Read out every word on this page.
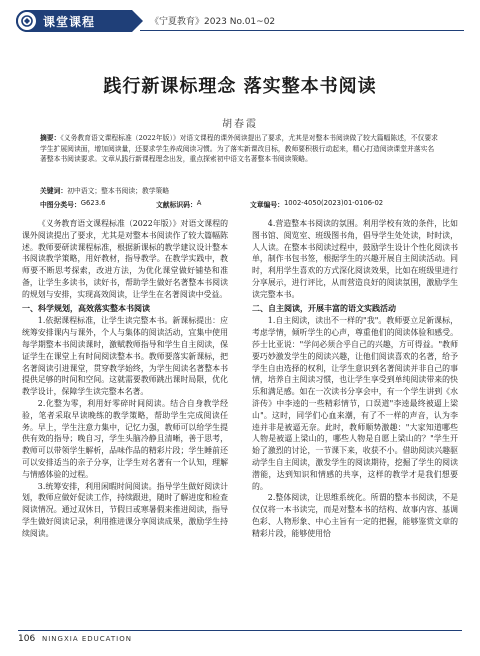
课堂课程	《宁夏教育》2023 No.01~02
践行新课标理念 落实整本书阅读
胡春霞
摘要：《义务教育语文课程标准（2022年版）》对语文课程的课外阅读提出了要求，尤其是对整本书阅读做了较大篇幅陈述，不仅要求学生扩展阅读面，增加阅读量，还要求学生养成阅读习惯。为了落实新课改目标，教师要积极行动起来，精心打造阅读课堂并落实名著整本书阅读要求。文章从践行新课程理念出发，重点探索初中语文名著整本书阅读策略。
关键词：初中语文；整本书阅读；教学策略
中图分类号： G623.6	文献标识码： A	文章编号： 1002-4050(2023)01-0106-02

《义务教育语文课程标准（2022年版）》对语文课程的课外阅读提出了要求，尤其是对整本书阅读作了较大篇幅陈述。教师要研读课程标准，根据新课标的教学建议设计整本书阅读教学策略，用好教材，指导教学。在教学实践中，教师要不断思考探索，改进方法，为优化课堂做好铺垫和准备，让学生多读书，读好书，帮助学生做好名著整本书阅读的规划与安排，实现高效阅读，让学生在名著阅读中受益。

一、科学规划，高效落实整本书阅读

1.依据课程标准，让学生读完整本书。新课标提出：应统筹安排课内与课外，个人与集体的阅读活动，宜集中使用每学期整本书阅读课时，激赋教师指导和学生自主阅读，保证学生在课堂上有时间阅读整本书。教师要落实新课标，把名著阅读引进课堂，贯穿教学始终，为学生阅读名著整本书提供足够的时间和空间。这就需要教师跳出课时局限，优化教学设计，保障学生读完整本名著。

2.化整为零，利用好零碎时间阅读。结合自身教学经验，笔者采取早读晚练的教学策略，帮助学生完成阅读任务。早上，学生注意力集中，记忆力强，教师可以给学生提供有效的指导；晚自习，学生头脑冷静且清晰，善于思考，教师可以带领学生解析，品味作品的精彩片段；学生睡前还可以安排适当的亲子分享，让学生对名著有一个认知，理解与情感体验的过程。

3.统筹安排，利用闲暇时间阅读。指导学生做好阅读计划，教师应做好促读工作，持续跟进，随时了解进度和检查阅读情况。通过双休日，节假日或寒暑假来推进阅读，指导学生做好阅读记录，利用推进课分享阅读成果，激励学生持续阅读。

4.营造整本书阅读的氛围。利用学校有效的条件，比如图书馆、阅览室、班级图书角，倡导学生处处读，时时读，人人读。在整本书阅读过程中，鼓励学生设计个性化阅读书单，制作书包书签，根据学生的兴趣开展自主阅读活动。同时，利用学生喜欢的方式深化阅读效果，比如在班级里进行分享展示，进行评比，从而营造良好的阅读氛围，激励学生读完整本书。

二、自主阅读，开展丰富的语文实践活动

1.自主阅读，读出不一样的"我"。教师要立足新课标，考虑学情，倾听学生的心声，尊重他们的阅读体验和感受。莎士比亚说："学问必须合乎自己的兴趣，方可得益。"教师要巧妙激发学生的阅读兴趣，让他们阅读喜欢的名著，给予学生自由选择的权利，让学生意识到名著阅读并非自己的事情，培养自主阅读习惯，也让学生享受到单纯阅读带来的快乐和满足感。如在一次读书分享会中，有一个学生讲到《水浒传》中李逵的一些精彩情节，口误道"李逵最终被逼上梁山"。这时，同学们心血来潮，有了不一样的声音，认为李逵并非是被逼无奈。此时，教师顺势激趣："大家知道哪些人物是被逼上梁山的，哪些人物是自愿上梁山的？"学生开始了激烈的讨论，一节课下来，收获不小。借助阅读兴趣驱动学生自主阅读，激发学生的阅读期待，挖掘了学生的阅读潜能，达到知识和情感的共享，这样的教学才是我们想要的。

2.整体阅读，让思维系统化。所谓的整本书阅读，不是仅仅将一本书读完，而是对整本书的结构、故事内容、基调色彩、人物形象、中心主旨有一定的把握，能够鉴赏文章的精彩片段，能够使用恰

106 NINGXIA EDUCATION
